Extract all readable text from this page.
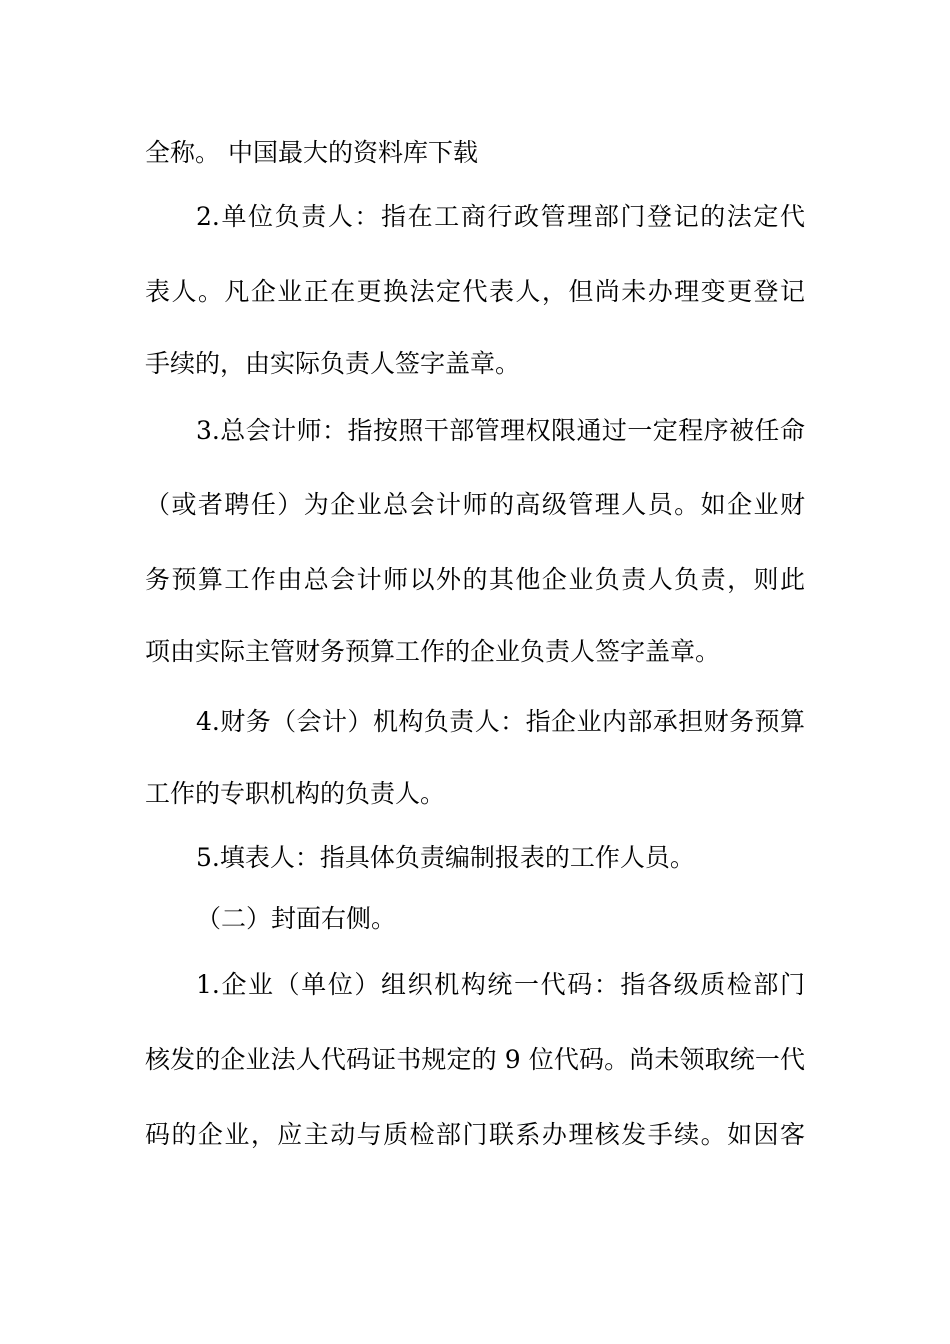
全称。 中国最大的资料库下载

2.单位负责人：指在工商行政管理部门登记的法定代

表人。凡企业正在更换法定代表人，但尚未办理变更登记

手续的，由实际负责人签字盖章。

3.总会计师：指按照干部管理权限通过一定程序被任命

（或者聘任）为企业总会计师的高级管理人员。如企业财

务预算工作由总会计师以外的其他企业负责人负责，则此

项由实际主管财务预算工作的企业负责人签字盖章。

4.财务（会计）机构负责人：指企业内部承担财务预算

工作的专职机构的负责人。

5.填表人：指具体负责编制报表的工作人员。

（二）封面右侧。

1.企业（单位）组织机构统一代码：指各级质检部门

核发的企业法人代码证书规定的 9 位代码。尚未领取统一代

码的企业，应主动与质检部门联系办理核发手续。如因客
